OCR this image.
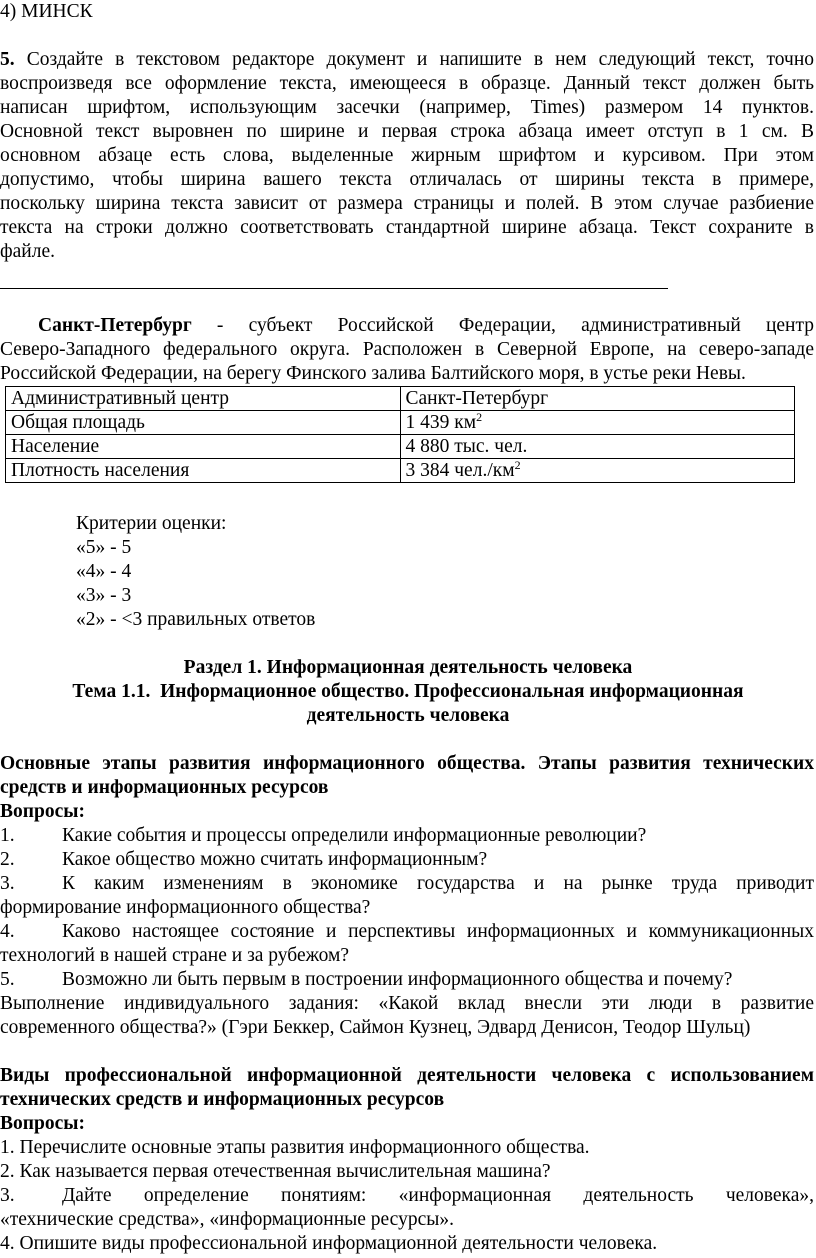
4) МИНСК
5. Создайте в текстовом редакторе документ и напишите в нем следующий текст, точно
воспроизведя все оформление текста, имеющееся в образце. Данный текст должен быть
написан шрифтом, использующим засечки (например, Times) размером 14 пунктов.
Основной текст выровнен по ширине и первая строка абзаца имеет отступ в 1 см. В
основном абзаце есть слова, выделенные жирным шрифтом и курсивом. При этом
допустимо, чтобы ширина вашего текста отличалась от ширины текста в примере,
поскольку ширина текста зависит от размера страницы и полей. В этом случае разбиение
текста на строки должно соответствовать стандартной ширине абзаца. Текст сохраните в
файле.
Санкт-Петербург - субъект Российской Федерации, административный центр
Северо-Западного федерального округа. Расположен в Северной Европе, на северо-западе
Российской Федерации, на берегу Финского залива Балтийского моря, в устье реки Невы.
Административный центр	Санкт-Петербург
Общая площадь	1 439 $км^2$
Население	4 880 тыс. чел.
Плотность населения	3 384 $чел./км^2$
Критерии оценки:
«5» - 5
«4» - 4
«3» - 3
«2» - <3 правильных ответов
Раздел 1. Информационная деятельность человека
Тема 1.1.  Информационное общество. Профессиональная информационная
деятельность человека
Основные этапы развития информационного общества. Этапы развития технических
средств и информационных ресурсов
Вопросы:
1. Какие события и процессы определили информационные революции?
2. Какое общество можно считать информационным?
3.	К каким изменениям в экономике государства и на рынке труда приводит
формирование информационного общества?
4.	Каково настоящее состояние и перспективы информационных и коммуникационных
технологий в нашей стране и за рубежом?
5. Возможно ли быть первым в построении информационного общества и почему?
Выполнение индивидуального задания: «Какой вклад внесли эти люди в развитие
современного общества?» (Гэри Беккер, Саймон Кузнец, Эдвард Денисон, Теодор Шульц)
Виды профессиональной информационной деятельности человека с использованием
технических средств и информационных ресурсов
Вопросы:
1. Перечислите основные этапы развития информационного общества.
2. Как называется первая отечественная вычислительная машина?
3.	Дайте определение понятиям: «информационная деятельность человека»,
«технические средства», «информационные ресурсы».
4. Опишите виды профессиональной информационной деятельности человека.
